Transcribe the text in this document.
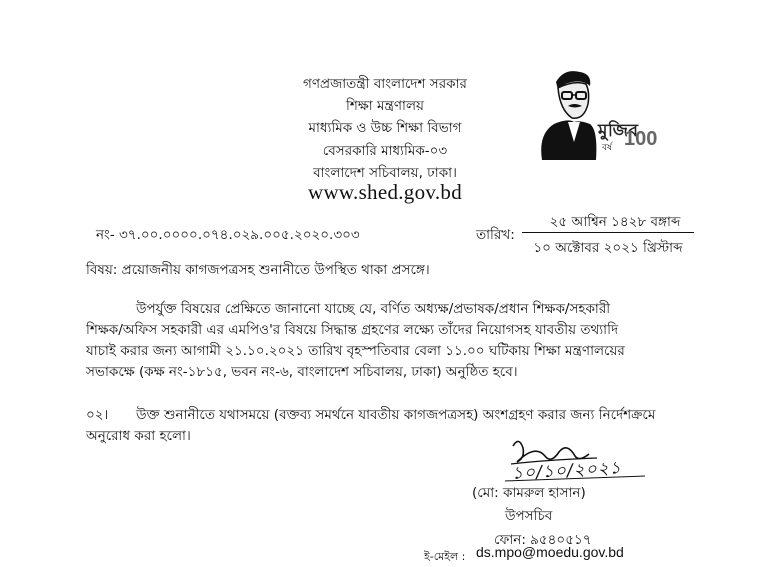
গণপ্রজাতন্ত্রী বাংলাদেশ সরকার
শিক্ষা মন্ত্রণালয়
মাধ্যমিক ও উচ্চ শিক্ষা বিভাগ
বেসরকারি মাধ্যমিক-০৩
বাংলাদেশ সচিবালয়, ঢাকা।
www.shed.gov.bd
মুজিব
বর্ষ 100
নং- ৩৭.০০.০০০০.০৭৪.০২৯.০০৫.২০২০.৩০৩	তারিখ:
২৫ আশ্বিন ১৪২৮ বঙ্গাব্দ
১০ অক্টোবর ২০২১ খ্রিস্টাব্দ
বিষয়: প্রয়োজনীয় কাগজপত্রসহ শুনানীতে উপস্থিত থাকা প্রসঙ্গে।
উপর্যুক্ত বিষয়ের প্রেক্ষিতে জানানো যাচ্ছে যে, বর্ণিত অধ্যক্ষ/প্রভাষক/প্রধান শিক্ষক/সহকারী
শিক্ষক/অফিস সহকারী এর এমপিও'র বিষয়ে সিদ্ধান্ত গ্রহণের লক্ষ্যে তাঁদের নিয়োগসহ যাবতীয় তথ্যাদি
যাচাই করার জন্য আগামী ২১.১০.২০২১ তারিখ বৃহস্পতিবার বেলা ১১.০০ ঘটিকায় শিক্ষা মন্ত্রণালয়ের
সভাকক্ষে (কক্ষ নং-১৮১৫, ভবন নং-৬, বাংলাদেশ সচিবালয়, ঢাকা) অনুষ্ঠিত হবে।
০২। উক্ত শুনানীতে যথাসময়ে (বক্তব্য সমর্থনে যাবতীয় কাগজপত্রসহ) অংশগ্রহণ করার জন্য নির্দেশক্রমে
অনুরোধ করা হলো।
১০/১০/২০২১
(মো: কামরুল হাসান)
উপসচিব
ফোন: ৯৫৪০৫১৭
ই-মেইল : ds.mpo@moedu.gov.bd
